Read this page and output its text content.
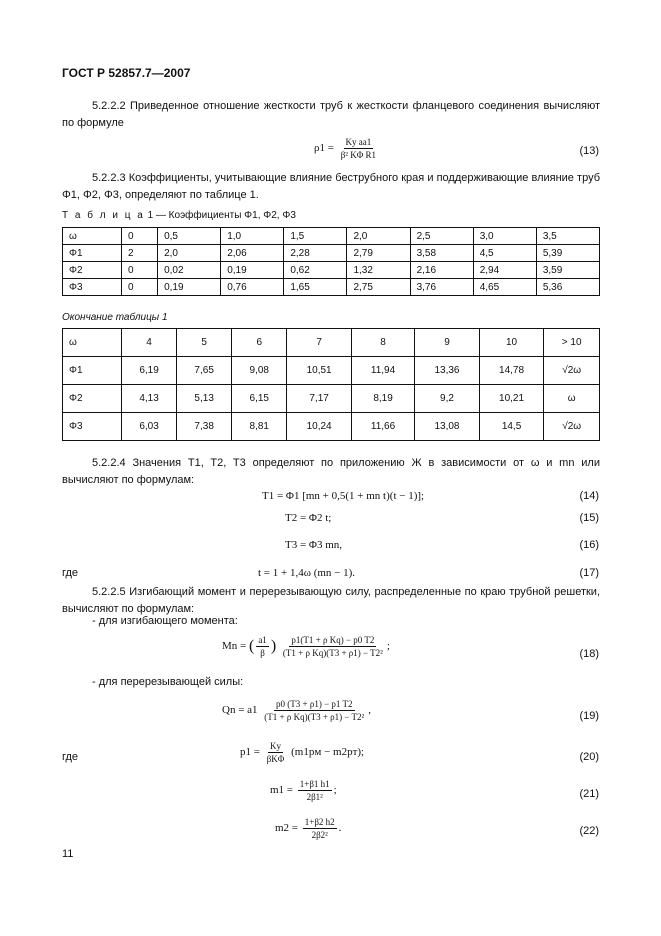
ГОСТ Р 52857.7—2007
5.2.2.2 Приведенное отношение жесткости труб к жесткости фланцевого соединения вычисляют по формуле
$\rho 1 = \frac{\text{Ky aa1}}{\text{β² KΦ R1}}$	(13)
5.2.2.3 Коэффициенты, учитывающие влияние беструбного края и поддерживающие влияние труб Φ1, Φ2, Φ3, определяют по таблице 1.
Т а б л и ц а 1 — Коэффициенты Φ1, Φ2, Φ3
ω	0	0,5	1,0	1,5	2,0	2,5	3,0	3,5
Φ1	2	2,0	2,06	2,28	2,79	3,58	4,5	5,39
Φ2	0	0,02	0,19	0,62	1,32	2,16	2,94	3,59
Φ3	0	0,19	0,76	1,65	2,75	3,76	4,65	5,36
Окончание таблицы 1
ω	4	5	6	7	8	9	10	> 10
Φ1	6,19	7,65	9,08	10,51	11,94	13,36	14,78	√2ω
Φ2	4,13	5,13	6,15	7,17	8,19	9,2	10,21	ω
Φ3	6,03	7,38	8,81	10,24	11,66	13,08	14,5	√2ω
5.2.2.4 Значения T1, T2, T3 определяют по приложению Ж в зависимости от ω и mn или вычисляют по формулам:
T1 = Φ1 [mn + 0,5(1 + mn t)(t − 1)];	(14)
T2 = Φ2 t;	(15)
T3 = Φ3 mn,	(16)
где	t = 1 + 1,4ω (mn − 1).	(17)
5.2.2.5 Изгибающий момент и перерезывающую силу, распределенные по краю трубной решетки, вычисляют по формулам:
- для изгибающего момента:
Mn = ( $\frac{a1}{\beta}$ ) $\frac{\text{p1(T1 + ρ Kq) − p0 T2}}{\text{(T1 + ρ Kq)(T3 + ρ1) − T2²}}$ ;
(18)
- для перерезывающей силы:
$Qn = a1 \frac{p0 (T3 + \rho 1) - p1 T2}{\text{(T1 + ρ Kq)(T3 + ρ1) − T2²}}$ ,	(19)
где	$p1 = \frac{Ky}{\text{βKΦ}} (m1pм - m2pт)$;	(20)
$m1 = \frac{1+\beta 1 h1}{\text{2β1²}}$ ;	(21)
$m2 = \frac{1+\beta 2 h2}{\text{2β2²}}$ .	(22)
11
